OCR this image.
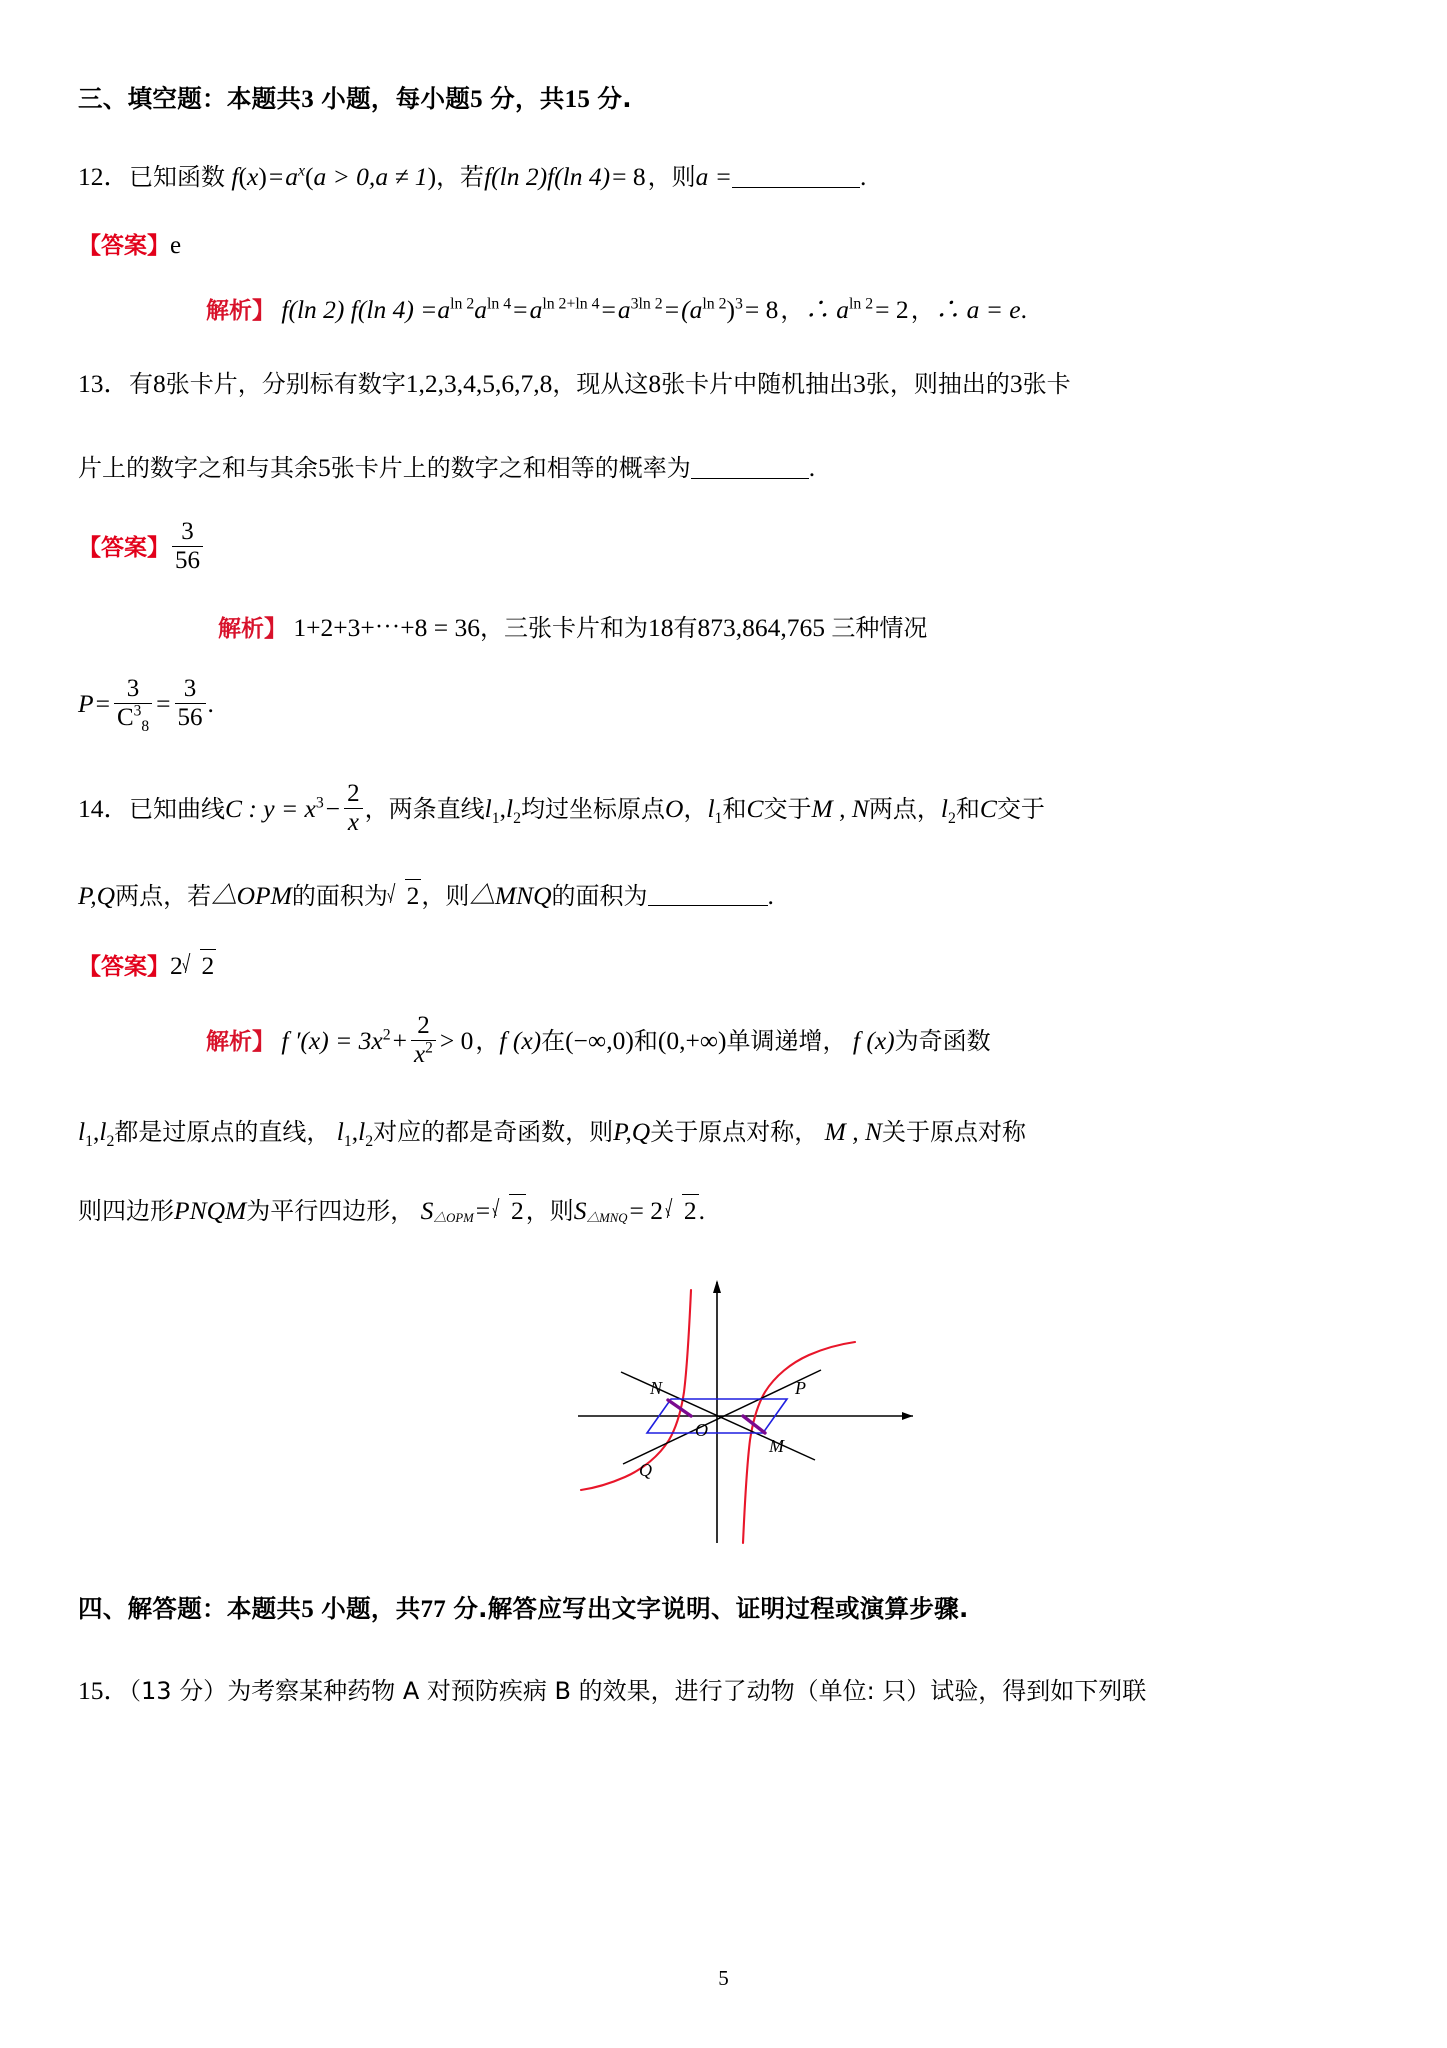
三、填空题：本题共3 小题，每小题5 分，共15 分.
12．已知函数 $f(x)=a^x(a > 0,a \ne 1)$，若f(ln 2)f(ln 4)= 8，则a =	.
【答案】e
解析】 f(ln 2) f(ln $4) =a^{ln 2}a^{ln 4}=a^{ln 2+ln 4}=a^{3ln 2}=(a^{ln 2})^3= 8$，∴ $a^{ln 2}= 2$，∴ a = e.
13．有8张卡片，分别标有数字1,2,3,4,5,6,7,8，现从这8张卡片中随机抽出3张，则抽出的3张卡
片上的数字之和与其余5张卡片上的数字之和相等的概率为	.
【答案】 $\frac{3}{56}$
解析】 1+2+3+⋯+8 = 36，三张卡片和为18有873,864,765 三种情况
$P= \frac{3}{C^3_8} = \frac{3}{56}$ .
14．已知曲线C : $y = x^3- \frac{2}{x}$ ，两条直线$l_1,l_2$均过坐标原点O，$l_1$和C交于M , N两点，$l_2$和C交于
P,Q两点，若△OPM的面积为 2，则△MNQ的面积为	.
【答案】2 2
解析】 f $'(x) = 3x^2+ \frac{2}{x^2} > 0$，f (x)在(−∞,0)和(0,+∞)单调递增， f (x)为奇函数
$l_1,l_2$都是过原点的直线， $l_1,l_2$对应的都是奇函数，则P,Q关于原点对称， M , N关于原点对称
则四边形PNQM为平行四边形， $S_{\triangle OPM}= 2$，则$S_{\triangle MNQ}= 2$ 2.
N	P
O
M
Q
四、解答题：本题共5 小题，共77 分.解答应写出文字说明、证明过程或演算步骤.
15．（13 分）为考察某种药物 A 对预防疾病 B 的效果，进行了动物（单位: 只）试验，得到如下列联
5
